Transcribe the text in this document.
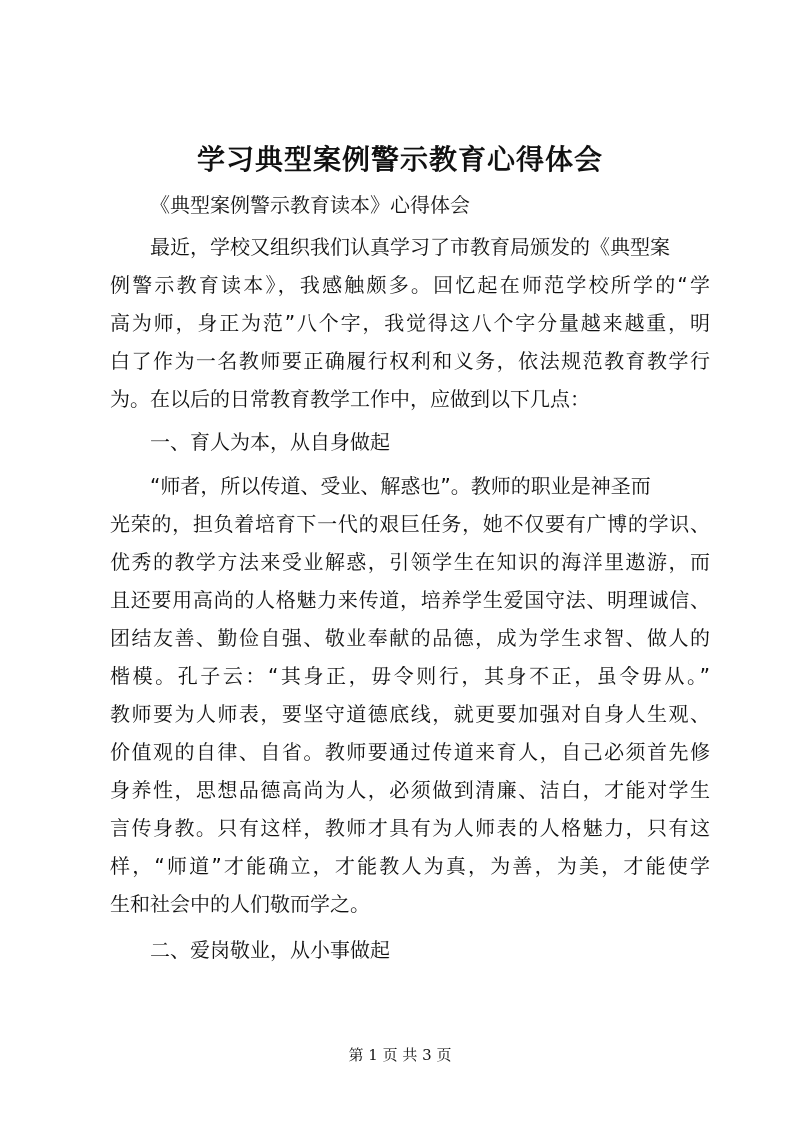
学习典型案例警示教育心得体会
《典型案例警示教育读本》心得体会
最近，学校又组织我们认真学习了市教育局颁发的《典型案
例警示教育读本》，我感触颇多。回忆起在师范学校所学的“学
高为师，身正为范”八个字，我觉得这八个字分量越来越重，明
白了作为一名教师要正确履行权利和义务，依法规范教育教学行
为。在以后的日常教育教学工作中，应做到以下几点：
一、育人为本，从自身做起
“师者，所以传道、受业、解惑也”。教师的职业是神圣而
光荣的，担负着培育下一代的艰巨任务，她不仅要有广博的学识、
优秀的教学方法来受业解惑，引领学生在知识的海洋里遨游，而
且还要用高尚的人格魅力来传道，培养学生爱国守法、明理诚信、
团结友善、勤俭自强、敬业奉献的品德，成为学生求智、做人的
楷模。孔子云：“其身正，毋令则行，其身不正，虽令毋从。”
教师要为人师表，要坚守道德底线，就更要加强对自身人生观、
价值观的自律、自省。教师要通过传道来育人，自己必须首先修
身养性，思想品德高尚为人，必须做到清廉、洁白，才能对学生
言传身教。只有这样，教师才具有为人师表的人格魅力，只有这
样，“师道”才能确立，才能教人为真，为善，为美，才能使学
生和社会中的人们敬而学之。
二、爱岗敬业，从小事做起
第 1 页 共 3 页
